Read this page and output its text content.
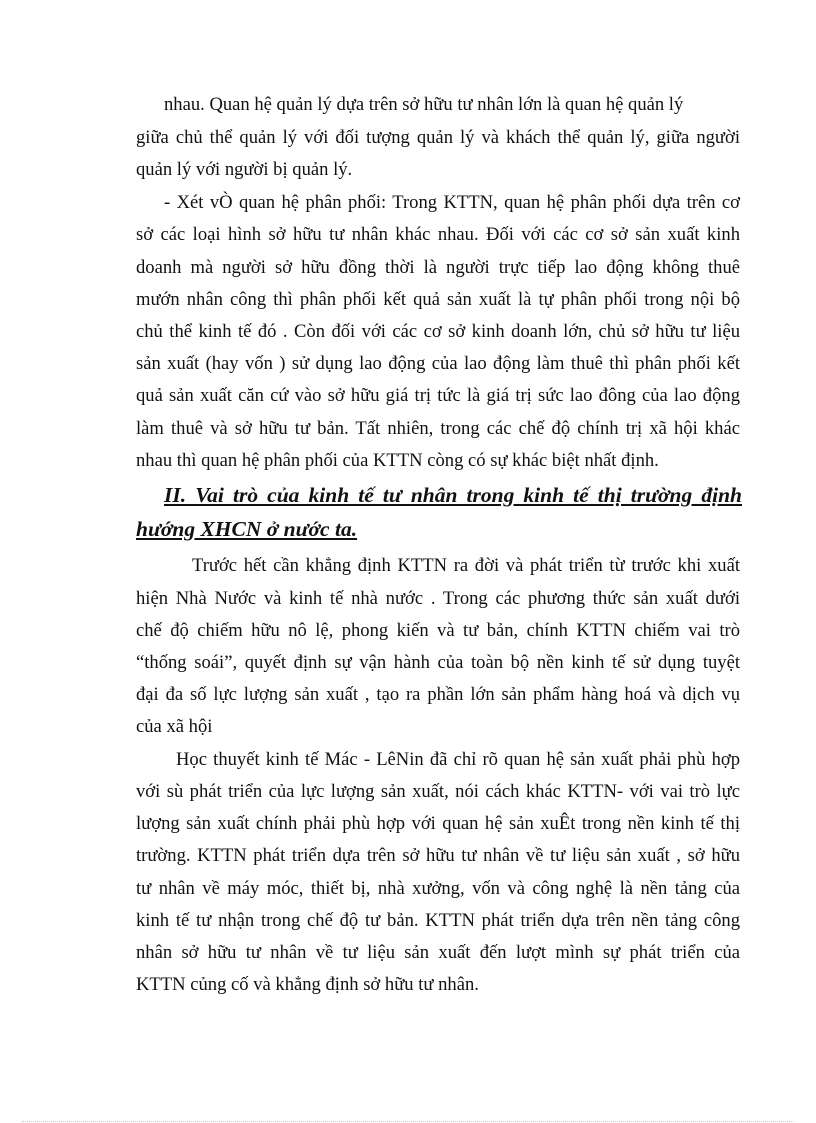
nhau. Quan hệ quản lý dựa trên sở hữu tư nhân lớn là quan hệ quản lý
giữa chủ thể quản lý với đối tượng quản lý và khách thể quản lý, giữa người
quản lý với người bị quản lý.
- Xét vÒ quan hệ phân phối: Trong KTTN, quan hệ phân phối dựa trên cơ
sở các loại hình sở hữu tư nhân khác nhau. Đối với các cơ sở sản xuất kinh
doanh mà người sở hữu đồng thời là người trực tiếp lao động không thuê
mướn nhân công thì phân phối kết quả sản xuất là tự phân phối trong nội bộ
chủ thể kinh tế đó . Còn đối với các cơ sở kinh doanh lớn, chủ sở hữu tư liệu
sản xuất (hay vốn ) sử dụng lao động của lao động làm thuê thì phân phối kết
quả sản xuất căn cứ vào sở hữu giá trị tức là giá trị sức lao đông của lao động
làm thuê và sở hữu tư bản. Tất nhiên, trong các chế độ chính trị xã hội khác
nhau thì quan hệ phân phối của KTTN còng có sự khác biệt nhất định.
II. Vai trò của kinh tế tư nhân trong kinh tế thị trường định
hướng XHCN ở nước ta.
Trước hết cần khẳng định KTTN ra đời và phát triển từ trước khi xuất
hiện Nhà Nước và kinh tế nhà nước . Trong các phương thức sản xuất dưới
chế độ chiếm hữu nô lệ, phong kiến và tư bản, chính KTTN chiếm vai trò
“thống soái”, quyết định sự vận hành của toàn bộ nền kinh tế sử dụng tuyệt
đại đa số lực lượng sản xuất , tạo ra phần lớn sản phẩm hàng hoá và dịch vụ
của xã hội
Học thuyết kinh tế Mác - LêNin đã chỉ rõ quan hệ sản xuất phải phù hợp
với sù phát triển của lực lượng sản xuất, nói cách khác KTTN- với vai trò lực
lượng sản xuất chính phải phù hợp với quan hệ sản xuÊt trong nền kinh tế thị
trường. KTTN phát triển dựa trên sở hữu tư nhân về tư liệu sản xuất , sở hữu
tư nhân về máy móc, thiết bị, nhà xưởng, vốn và công nghệ là nền tảng của
kinh tế tư nhận trong chế độ tư bản. KTTN phát triển dựa trên nền tảng công
nhân sở hữu tư nhân về tư liệu sản xuất đến lượt mình sự phát triển của
KTTN củng cố và khẳng định sở hữu tư nhân.
